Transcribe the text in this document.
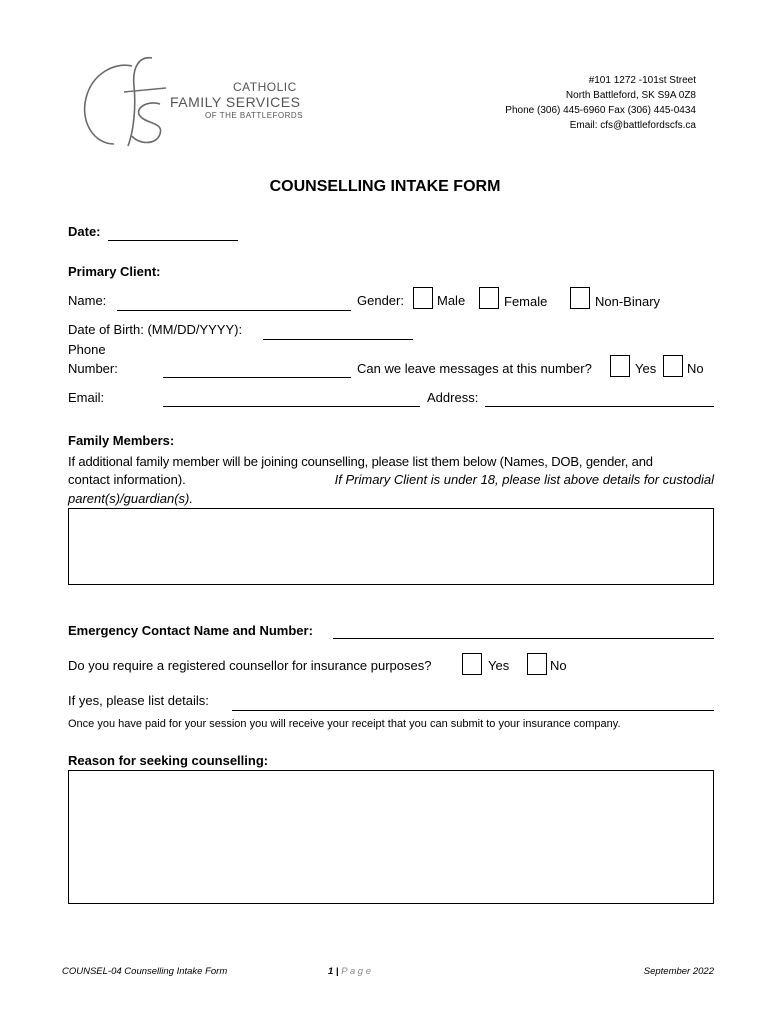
CATHOLIC
FAMILY SERVICES
OF THE BATTLEFORDS
#101 1272 -101st Street
North Battleford, SK S9A 0Z8
Phone (306) 445-6960 Fax (306) 445-0434
Email: cfs@battlefordscfs.ca
COUNSELLING INTAKE FORM
Date:
Primary Client:
Name:	Gender:	Male	Female	Non-Binary
Date of Birth: (MM/DD/YYYY):
Phone
Number:	Can we leave messages at this number?	Yes No
Email:	Address:
Family Members:
If additional family member will be joining counselling, please list them below (Names, DOB, gender, and
contact information).	If Primary Client is under 18, please list above details for custodial
parent(s)/guardian(s).
Emergency Contact Name and Number:
Do you require a registered counsellor for insurance purposes?	Yes	No
If yes, please list details:
Once you have paid for your session you will receive your receipt that you can submit to your insurance company.
Reason for seeking counselling:
COUNSEL-04 Counselling Intake Form	1 | P a g e	September 2022
